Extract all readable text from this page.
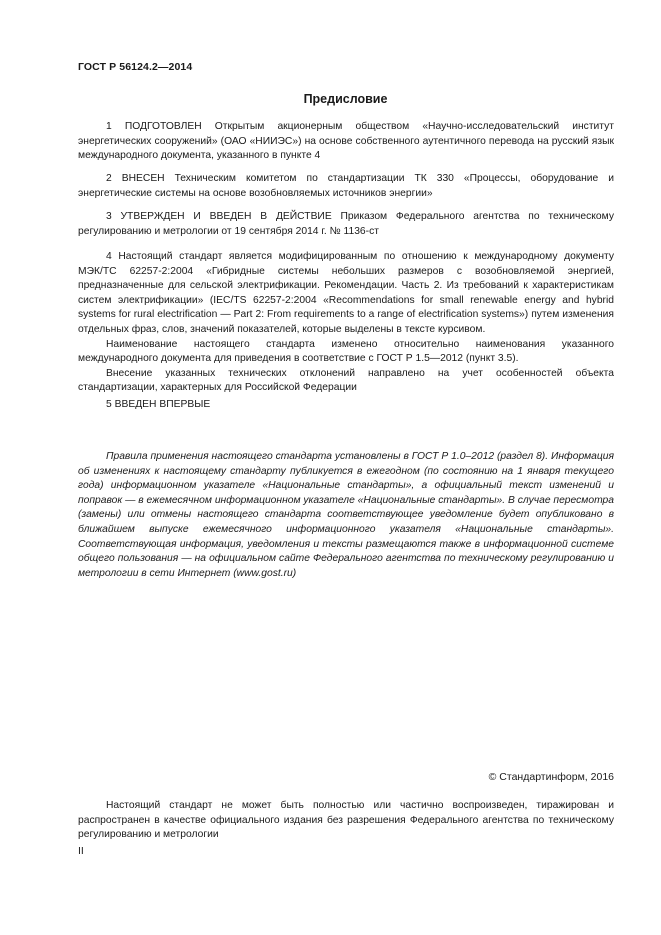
ГОСТ Р 56124.2—2014
Предисловие

1 ПОДГОТОВЛЕН Открытым акционерным обществом «Научно-исследовательский институт энергетических сооружений» (ОАО «НИИЭС») на основе собственного аутентичного перевода на русский язык международного документа, указанного в пункте 4

2 ВНЕСЕН Техническим комитетом по стандартизации ТК 330 «Процессы, оборудование и энергетические системы на основе возобновляемых источников энергии»

3 УТВЕРЖДЕН И ВВЕДЕН В ДЕЙСТВИЕ Приказом Федерального агентства по техническому регулированию и метрологии от 19 сентября 2014 г. № 1136-ст

4 Настоящий стандарт является модифицированным по отношению к международному документу МЭК/TC 62257-2:2004 «Гибридные системы небольших размеров с возобновляемой энергией, предназначенные для сельской электрификации. Рекомендации. Часть 2. Из требований к характеристикам систем электрификации» (IEC/TS 62257-2:2004 «Recommendations for small renewable energy and hybrid systems for rural electrification — Part 2: From requirements to a range of electrification systems») путем изменения отдельных фраз, слов, значений показателей, которые выделены в тексте курсивом.

Наименование настоящего стандарта изменено относительно наименования указанного международного документа для приведения в соответствие с ГОСТ Р 1.5—2012 (пункт 3.5).

Внесение указанных технических отклонений направлено на учет особенностей объекта стандартизации, характерных для Российской Федерации

5 ВВЕДЕН ВПЕРВЫЕ

Правила применения настоящего стандарта установлены в ГОСТ Р 1.0–2012 (раздел 8). Информация об изменениях к настоящему стандарту публикуется в ежегодном (по состоянию на 1 января текущего года) информационном указателе «Национальные стандарты», а официальный текст изменений и поправок — в ежемесячном информационном указателе «Национальные стандарты». В случае пересмотра (замены) или отмены настоящего стандарта соответствующее уведомление будет опубликовано в ближайшем выпуске ежемесячного информационного указателя «Национальные стандарты». Соответствующая информация, уведомления и тексты размещаются также в информационной системе общего пользования — на официальном сайте Федерального агентства по техническому регулированию и метрологии в сети Интернет (www.gost.ru)

© Стандартинформ, 2016

Настоящий стандарт не может быть полностью или частично воспроизведен, тиражирован и распространен в качестве официального издания без разрешения Федерального агентства по техническому регулированию и метрологии

II
